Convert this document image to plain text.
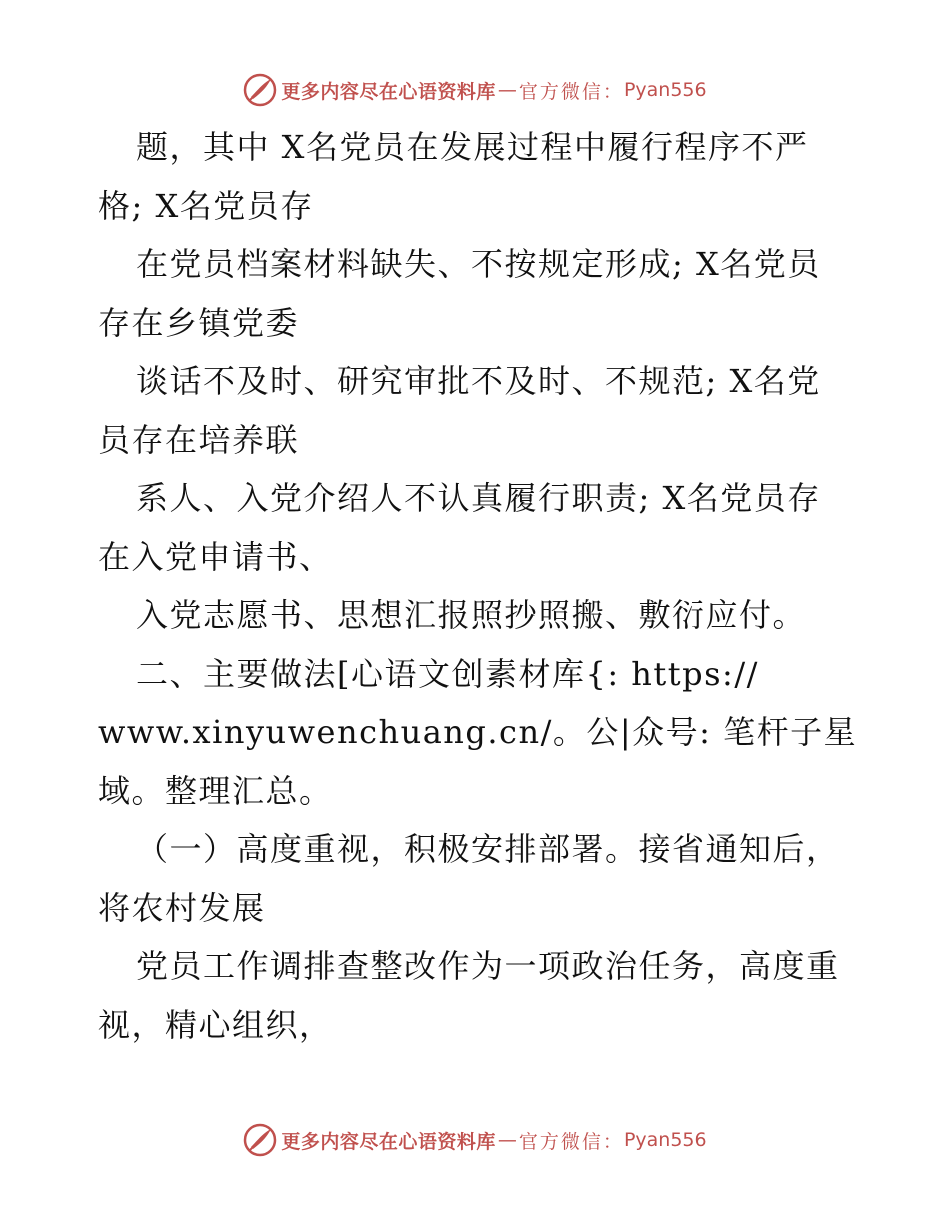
更多内容尽在心语资料库 — 官方微信： Pyan556
题，其中 X名党员在发展过程中履行程序不严
格; X名党员存
在党员档案材料缺失、不按规定形成; X名党员
存在乡镇党委
谈话不及时、研究审批不及时、不规范; X名党
员存在培养联
系人、入党介绍人不认真履行职责; X名党员存
在入党申请书、
入党志愿书、思想汇报照抄照搬、敷衍应付。
二、主要做法[心语文创素材库{: https://
www.xinyuwenchuang.cn/。公|众号: 笔杆子星
域。整理汇总。
（一）高度重视，积极安排部署。接省通知后，
将农村发展
党员工作调排查整改作为一项政治任务，高度重
视，精心组织，
更多内容尽在心语资料库 — 官方微信： Pyan556
